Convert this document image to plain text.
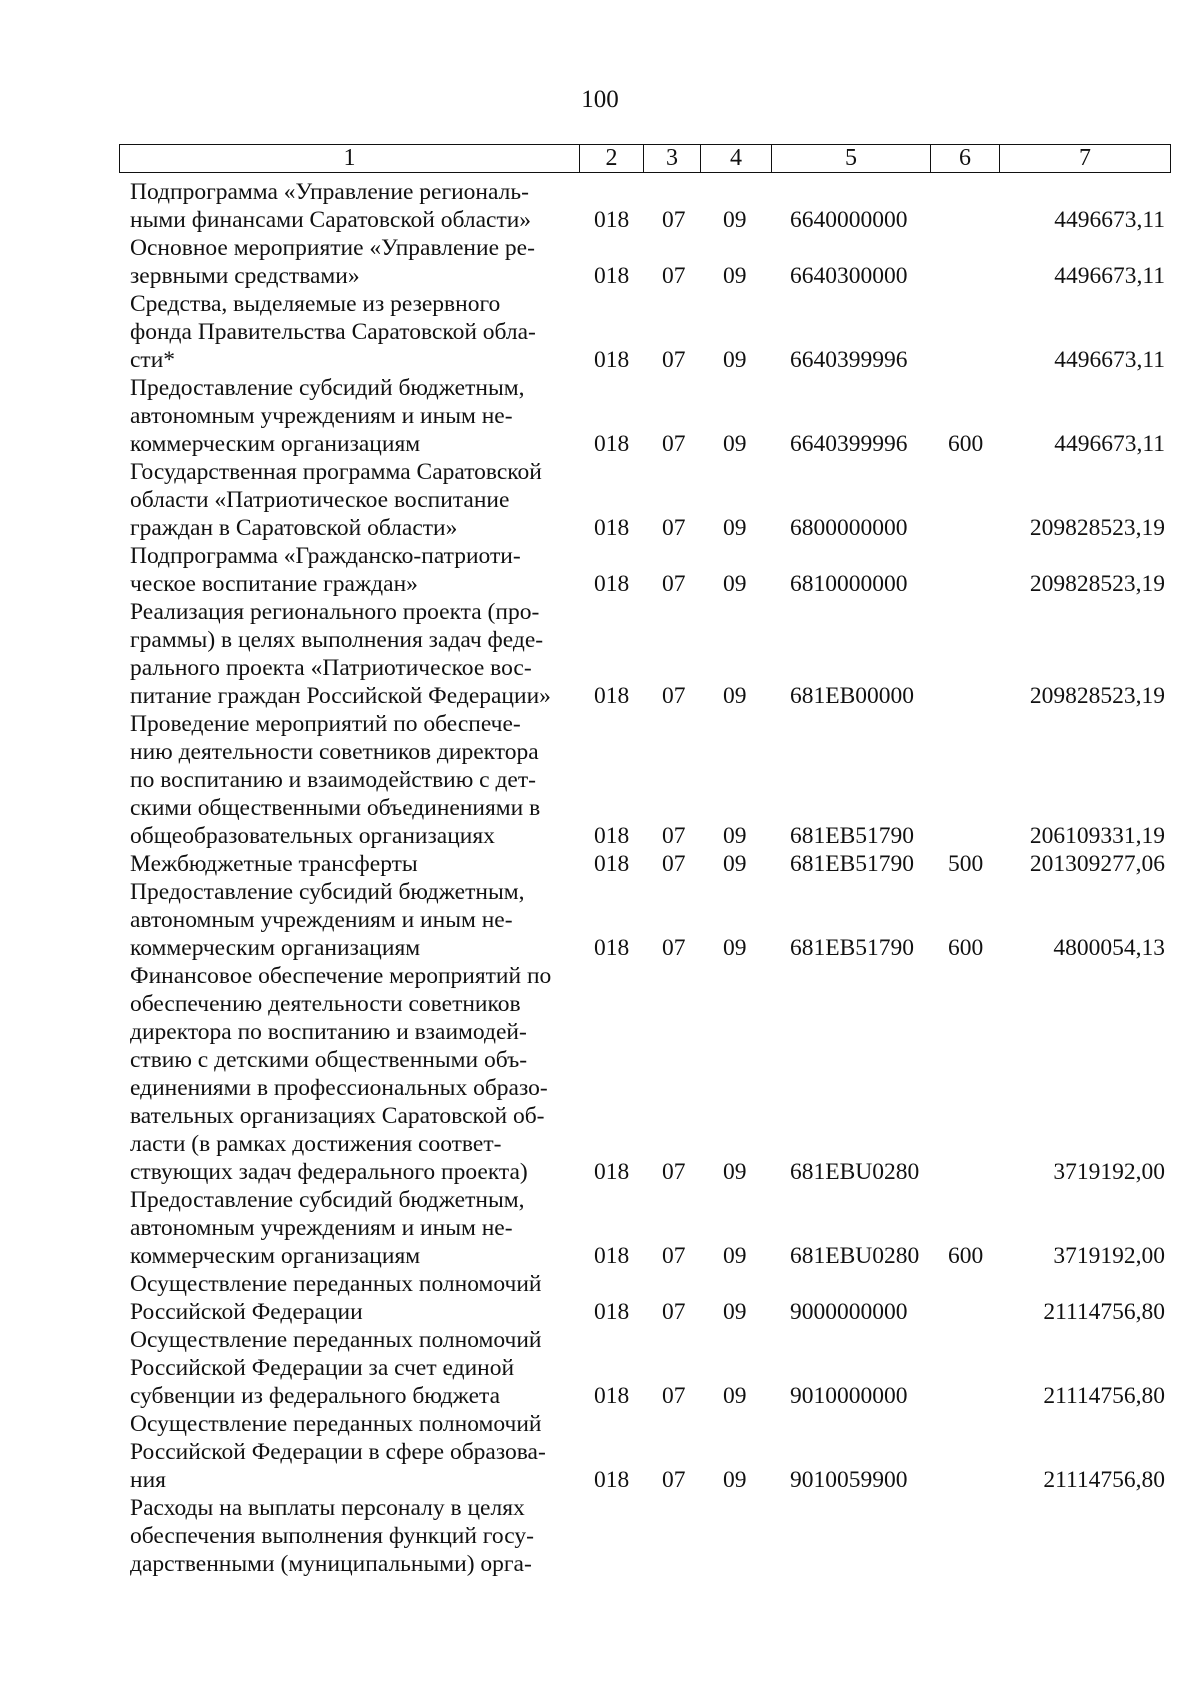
100
1	2	3	4	5	6	7
Подпрограмма «Управление региональ-
ными финансами Саратовской области»	018 07 09 6640000000	4496673,11
Основное мероприятие «Управление ре-
зервными средствами»	018 07 09 6640300000	4496673,11
Средства, выделяемые из резервного
фонда Правительства Саратовской обла-
сти*	018 07 09 6640399996	4496673,11
Предоставление субсидий бюджетным,
автономным учреждениям и иным не-
коммерческим организациям	018 07 09 6640399996 600	4496673,11
Государственная программа Саратовской
области «Патриотическое воспитание
граждан в Саратовской области»	018 07 09 6800000000	209828523,19
Подпрограмма «Гражданско-патриоти-
ческое воспитание граждан»	018 07 09 6810000000	209828523,19
Реализация регионального проекта (про-
граммы) в целях выполнения задач феде-
рального проекта «Патриотическое вос-
питание граждан Российской Федерации»	018 07 09 681EB00000	209828523,19
Проведение мероприятий по обеспече-
нию деятельности советников директора
по воспитанию и взаимодействию с дет-
скими общественными объединениями в
общеобразовательных организациях	018 07 09 681EB51790	206109331,19
Межбюджетные трансферты	018 07 09 681EB51790 500 201309277,06
Предоставление субсидий бюджетным,
автономным учреждениям и иным не-
коммерческим организациям	018 07 09 681EB51790 600	4800054,13
Финансовое обеспечение мероприятий по
обеспечению деятельности советников
директора по воспитанию и взаимодей-
ствию с детскими общественными объ-
единениями в профессиональных образо-
вательных организациях Саратовской об-
ласти (в рамках достижения соответ-
ствующих задач федерального проекта)	018 07 09 681EBU0280	3719192,00
Предоставление субсидий бюджетным,
автономным учреждениям и иным не-
коммерческим организациям	018 07 09 681EBU0280 600	3719192,00
Осуществление переданных полномочий
Российской Федерации	018 07 09 9000000000	21114756,80
Осуществление переданных полномочий
Российской Федерации за счет единой
субвенции из федерального бюджета	018 07 09 9010000000	21114756,80
Осуществление переданных полномочий
Российской Федерации в сфере образова-
ния	018 07 09 9010059900	21114756,80
Расходы на выплаты персоналу в целях
обеспечения выполнения функций госу-
дарственными (муниципальными) орга-
